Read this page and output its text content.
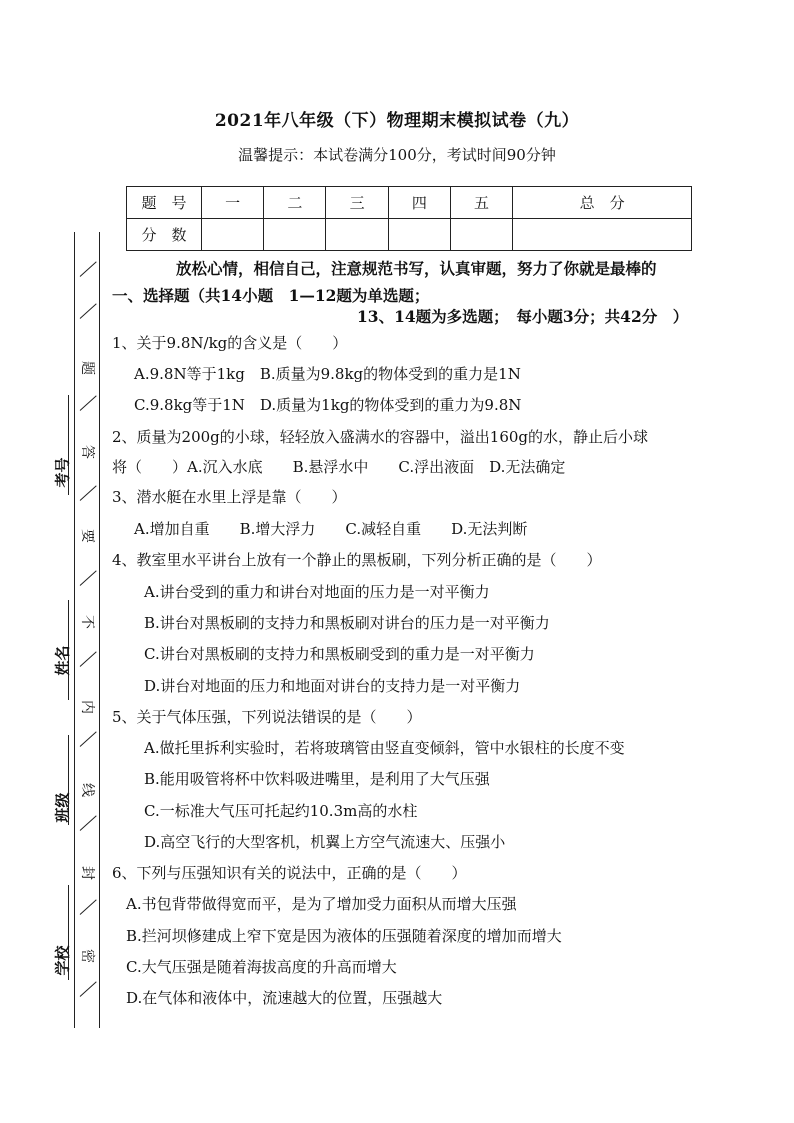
2021年八年级（下）物理期末模拟试卷（九）
温馨提示：本试卷满分100分，考试时间90分钟
题　号	一	二	三	四	五	总　分
分　数						
放松心情，相信自己，注意规范书写，认真审题，努力了你就是最棒的
一、选择题（共14小题　1—12题为单选题；
13、14题为多选题；　每小题3分；共42分　）
1、关于9.8N/kg的含义是（　　）
A.9.8N等于1kg　B.质量为9.8kg的物体受到的重力是1N
C.9.8kg等于1N　D.质量为1kg的物体受到的重力为9.8N
2、质量为200g的小球，轻轻放入盛满水的容器中，溢出160g的水，静止后小球
将（　　）A.沉入水底　　B.悬浮水中　　C.浮出液面　D.无法确定
3、潜水艇在水里上浮是靠（　　）
A.增加自重　　B.增大浮力　　C.减轻自重　　D.无法判断
4、教室里水平讲台上放有一个静止的黑板刷，下列分析正确的是（　　）
A.讲台受到的重力和讲台对地面的压力是一对平衡力
B.讲台对黑板刷的支持力和黑板刷对讲台的压力是一对平衡力
C.讲台对黑板刷的支持力和黑板刷受到的重力是一对平衡力
D.讲台对地面的压力和地面对讲台的支持力是一对平衡力
5、关于气体压强，下列说法错误的是（　　）
A.做托里拆利实验时，若将玻璃管由竖直变倾斜，管中水银柱的长度不变
B.能用吸管将杯中饮料吸进嘴里，是利用了大气压强
C.一标准大气压可托起约10.3m高的水柱
D.高空飞行的大型客机，机翼上方空气流速大、压强小
6、下列与压强知识有关的说法中，正确的是（　　）
A.书包背带做得宽而平，是为了增加受力面积从而增大压强
B.拦河坝修建成上窄下宽是因为液体的压强随着深度的增加而增大
C.大气压强是随着海拔高度的升高而增大
D.在气体和液体中，流速越大的位置，压强越大
题
答
要
不
内
线
封
密
考号
姓名
班级
学校
